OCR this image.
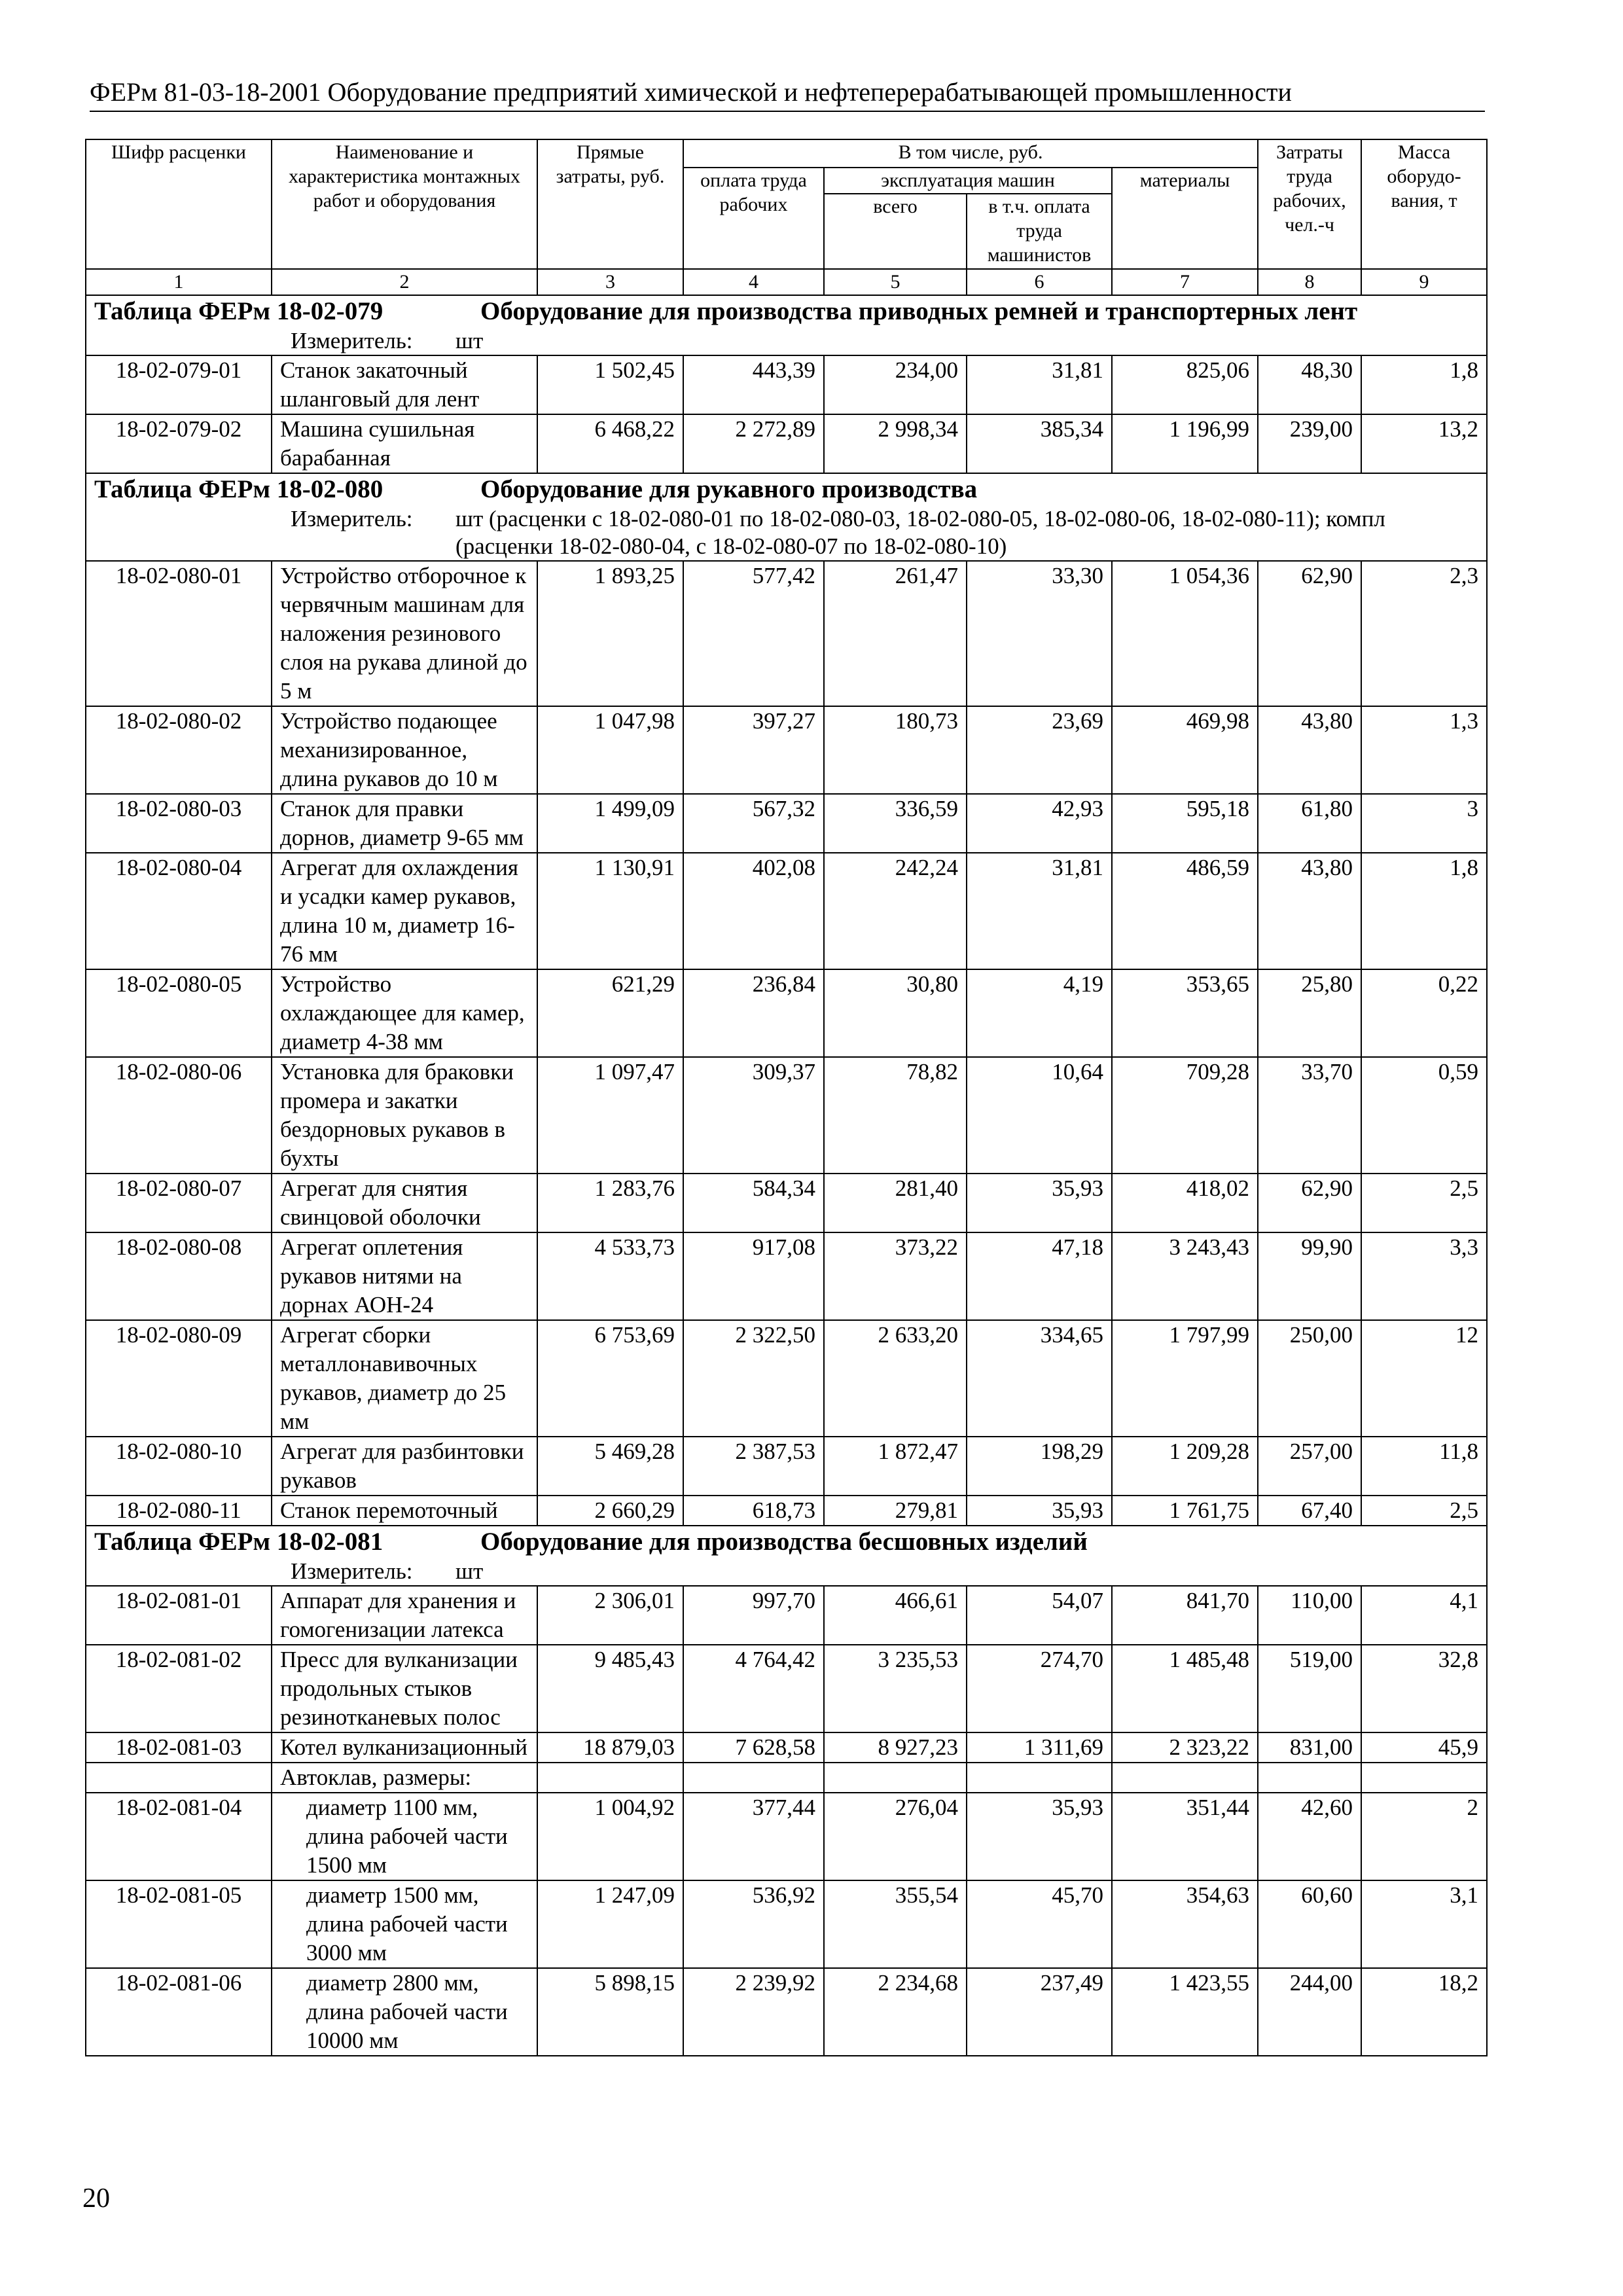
ФЕРм 81-03-18-2001 Оборудование предприятий химической и нефтеперерабатывающей промышленности
Шифр расценки	Наименование и характеристика монтажных работ и оборудования	Прямые затраты, руб.	В том числе, руб.				Затраты труда рабочих, чел.-ч	Масса оборудо-вания, т
			оплата труда рабочих	эксплуатация машин		материалы		
				всего	в т.ч. оплата труда машинистов			
1	2	3	4	5	6	7	8	9
Таблица ФЕРм 18-02-079 Оборудование для производства приводных ремней и транспортерных лент								

Измеритель: шт								

18-02-079-01	Станок закаточный шланговый для лент	1 502,45	443,39	234,00	31,81	825,06	48,30	1,8
18-02-079-02	Машина сушильная барабанная	6 468,22	2 272,89	2 998,34	385,34	1 196,99	239,00	13,2
Таблица ФЕРм 18-02-080 Оборудование для рукавного производства								

Измеритель: шт (расценки с 18-02-080-01 по 18-02-080-03, 18-02-080-05, 18-02-080-06, 18-02-080-11); компл (расценки 18-02-080-04, с 18-02-080-07 по 18-02-080-10)								

18-02-080-01	Устройство отборочное к червячным машинам для наложения резинового слоя на рукава длиной до 5 м	1 893,25	577,42	261,47	33,30	1 054,36	62,90	2,3
18-02-080-02	Устройство подающее механизированное, длина рукавов до 10 м	1 047,98	397,27	180,73	23,69	469,98	43,80	1,3
18-02-080-03	Станок для правки дорнов, диаметр 9-65 мм	1 499,09	567,32	336,59	42,93	595,18	61,80	3
18-02-080-04	Агрегат для охлаждения и усадки камер рукавов, длина 10 м, диаметр 16-76 мм	1 130,91	402,08	242,24	31,81	486,59	43,80	1,8
18-02-080-05	Устройство охлаждающее для камер, диаметр 4-38 мм	621,29	236,84	30,80	4,19	353,65	25,80	0,22
18-02-080-06	Установка для браковки промера и закатки бездорновых рукавов в бухты	1 097,47	309,37	78,82	10,64	709,28	33,70	0,59
18-02-080-07	Агрегат для снятия свинцовой оболочки	1 283,76	584,34	281,40	35,93	418,02	62,90	2,5
18-02-080-08	Агрегат оплетения рукавов нитями на дорнах АОН-24	4 533,73	917,08	373,22	47,18	3 243,43	99,90	3,3
18-02-080-09	Агрегат сборки металлонавивочных рукавов, диаметр до 25 мм	6 753,69	2 322,50	2 633,20	334,65	1 797,99	250,00	12
18-02-080-10	Агрегат для разбинтовки рукавов	5 469,28	2 387,53	1 872,47	198,29	1 209,28	257,00	11,8
18-02-080-11	Станок перемоточный	2 660,29	618,73	279,81	35,93	1 761,75	67,40	2,5
Таблица ФЕРм 18-02-081 Оборудование для производства бесшовных изделий								

Измеритель: шт								

18-02-081-01	Аппарат для хранения и гомогенизации латекса	2 306,01	997,70	466,61	54,07	841,70	110,00	4,1
18-02-081-02	Пресс для вулканизации продольных стыков резинотканевых полос	9 485,43	4 764,42	3 235,53	274,70	1 485,48	519,00	32,8
18-02-081-03	Котел вулканизационный	18 879,03	7 628,58	8 927,23	1 311,69	2 323,22	831,00	45,9
	Автоклав, размеры:							
18-02-081-04	диаметр 1100 мм, длина рабочей части 1500 мм	1 004,92	377,44	276,04	35,93	351,44	42,60	2
18-02-081-05	диаметр 1500 мм, длина рабочей части 3000 мм	1 247,09	536,92	355,54	45,70	354,63	60,60	3,1
18-02-081-06	диаметр 2800 мм, длина рабочей части 10000 мм	5 898,15	2 239,92	2 234,68	237,49	1 423,55	244,00	18,2
20
